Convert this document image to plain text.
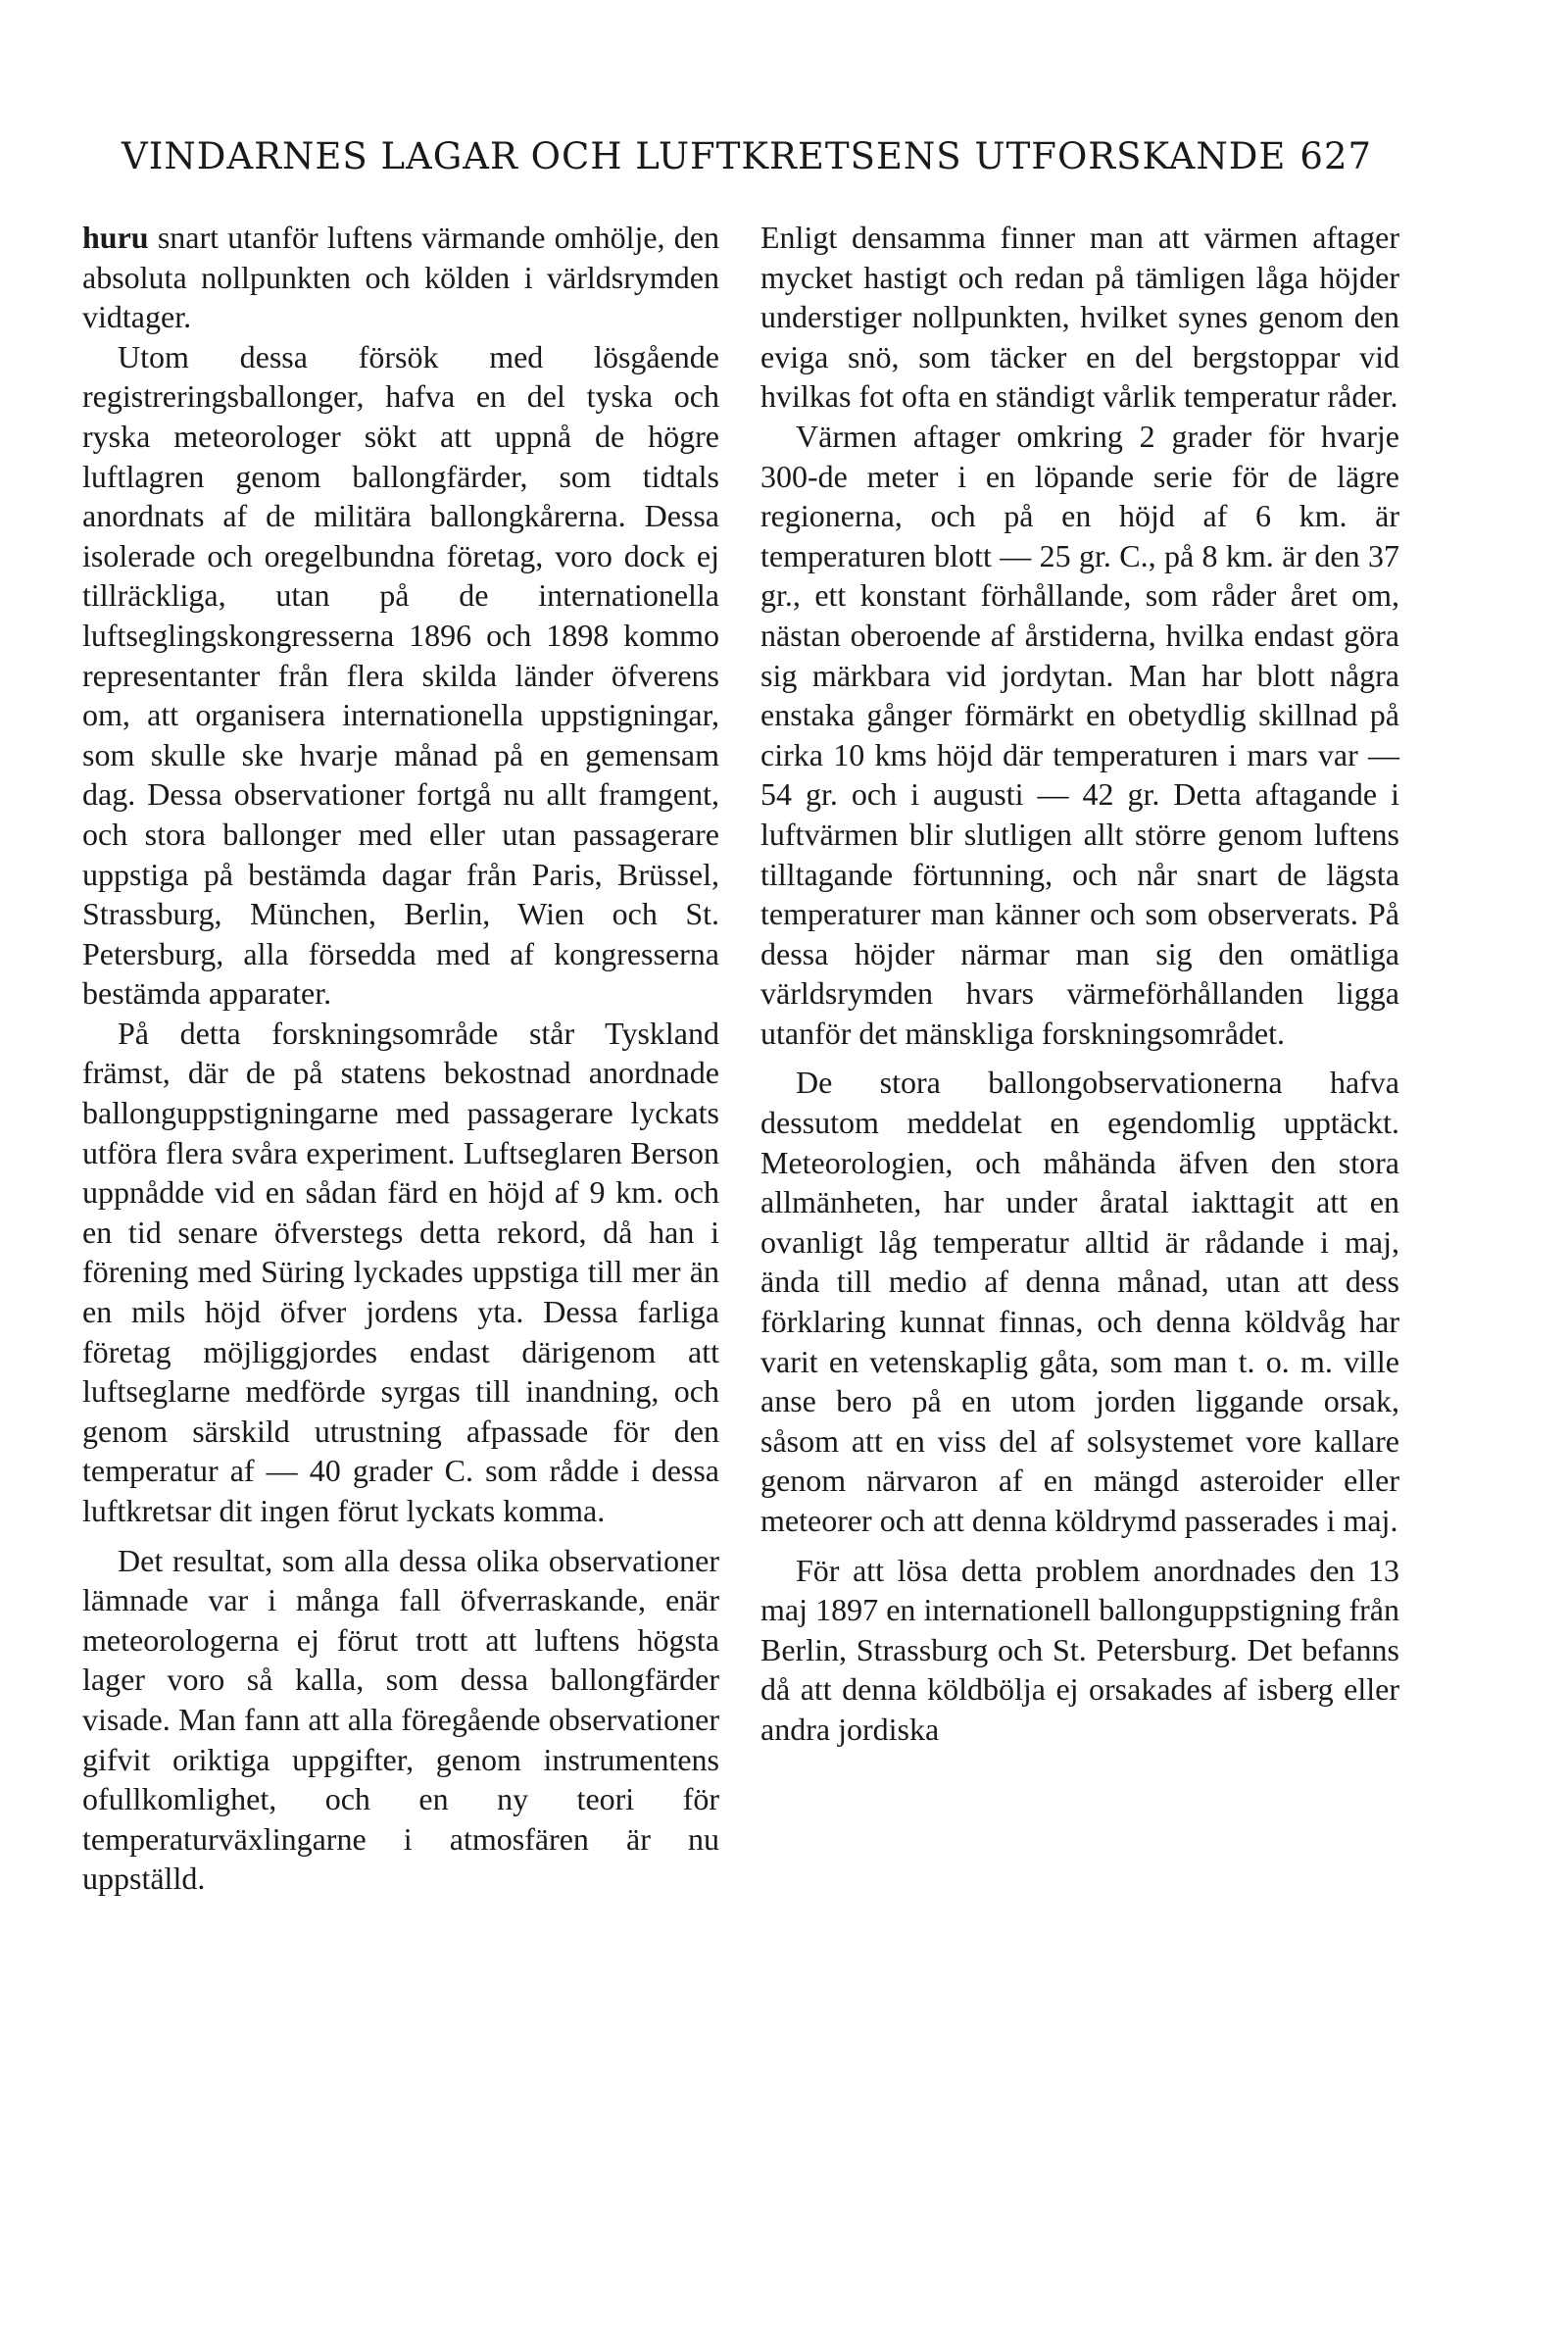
VINDARNES LAGAR OCH LUFTKRETSENS UTFORSKANDE 627

huru snart utanför luftens värmande omhölje, den absoluta nollpunkten och kölden i världsrymden vidtager.

Utom dessa försök med lösgående registreringsballonger, hafva en del tyska och ryska meteorologer sökt att uppnå de högre luftlagren genom ballongfärder, som tidtals anordnats af de militära ballongkårerna. Dessa isolerade och oregelbundna företag, voro dock ej tillräckliga, utan på de internationella luftseglingskongresserna 1896 och 1898 kommo representanter från flera skilda länder öfverens om, att organisera internationella uppstigningar, som skulle ske hvarje månad på en gemensam dag. Dessa observationer fortgå nu allt framgent, och stora ballonger med eller utan passagerare uppstiga på bestämda dagar från Paris, Brüssel, Strassburg, München, Berlin, Wien och St. Petersburg, alla försedda med af kongresserna bestämda apparater.

På detta forskningsområde står Tyskland främst, där de på statens bekostnad anordnade ballonguppstigningarne med passagerare lyckats utföra flera svåra experiment. Luftseglaren Berson uppnådde vid en sådan färd en höjd af 9 km. och en tid senare öfverstegs detta rekord, då han i förening med Süring lyckades uppstiga till mer än en mils höjd öfver jordens yta. Dessa farliga företag möjliggjordes endast därigenom att luftseglarne medförde syrgas till inandning, och genom särskild utrustning afpassade för den temperatur af — 40 grader C. som rådde i dessa luftkretsar dit ingen förut lyckats komma.

Det resultat, som alla dessa olika observationer lämnade var i många fall öfverraskande, enär meteorologerna ej förut trott att luftens högsta lager voro så kalla, som dessa ballongfärder visade. Man fann att alla föregående observationer gifvit oriktiga uppgifter, genom instrumentens ofullkomlighet, och en ny teori för temperaturväxlingarne i atmosfären är nu uppställd.

Enligt densamma finner man att värmen aftager mycket hastigt och redan på tämligen låga höjder understiger nollpunkten, hvilket synes genom den eviga snö, som täcker en del bergstoppar vid hvilkas fot ofta en ständigt vårlik temperatur råder.

Värmen aftager omkring 2 grader för hvarje 300-de meter i en löpande serie för de lägre regionerna, och på en höjd af 6 km. är temperaturen blott — 25 gr. C., på 8 km. är den 37 gr., ett konstant förhållande, som råder året om, nästan oberoende af årstiderna, hvilka endast göra sig märkbara vid jordytan. Man har blott några enstaka gånger förmärkt en obetydlig skillnad på cirka 10 kms höjd där temperaturen i mars var — 54 gr. och i augusti — 42 gr. Detta aftagande i luftvärmen blir slutligen allt större genom luftens tilltagande förtunning, och når snart de lägsta temperaturer man känner och som observerats. På dessa höjder närmar man sig den omätliga världsrymden hvars värmeförhållanden ligga utanför det mänskliga forskningsområdet.

De stora ballongobservationerna hafva dessutom meddelat en egendomlig upptäckt. Meteorologien, och måhända äfven den stora allmänheten, har under åratal iakttagit att en ovanligt låg temperatur alltid är rådande i maj, ända till medio af denna månad, utan att dess förklaring kunnat finnas, och denna köldvåg har varit en vetenskaplig gåta, som man t. o. m. ville anse bero på en utom jorden liggande orsak, såsom att en viss del af solsystemet vore kallare genom närvaron af en mängd asteroider eller meteorer och att denna köldrymd passerades i maj.

För att lösa detta problem anordnades den 13 maj 1897 en internationell ballonguppstigning från Berlin, Strassburg och St. Petersburg. Det befanns då att denna köldbölja ej orsakades af isberg eller andra jordiska
